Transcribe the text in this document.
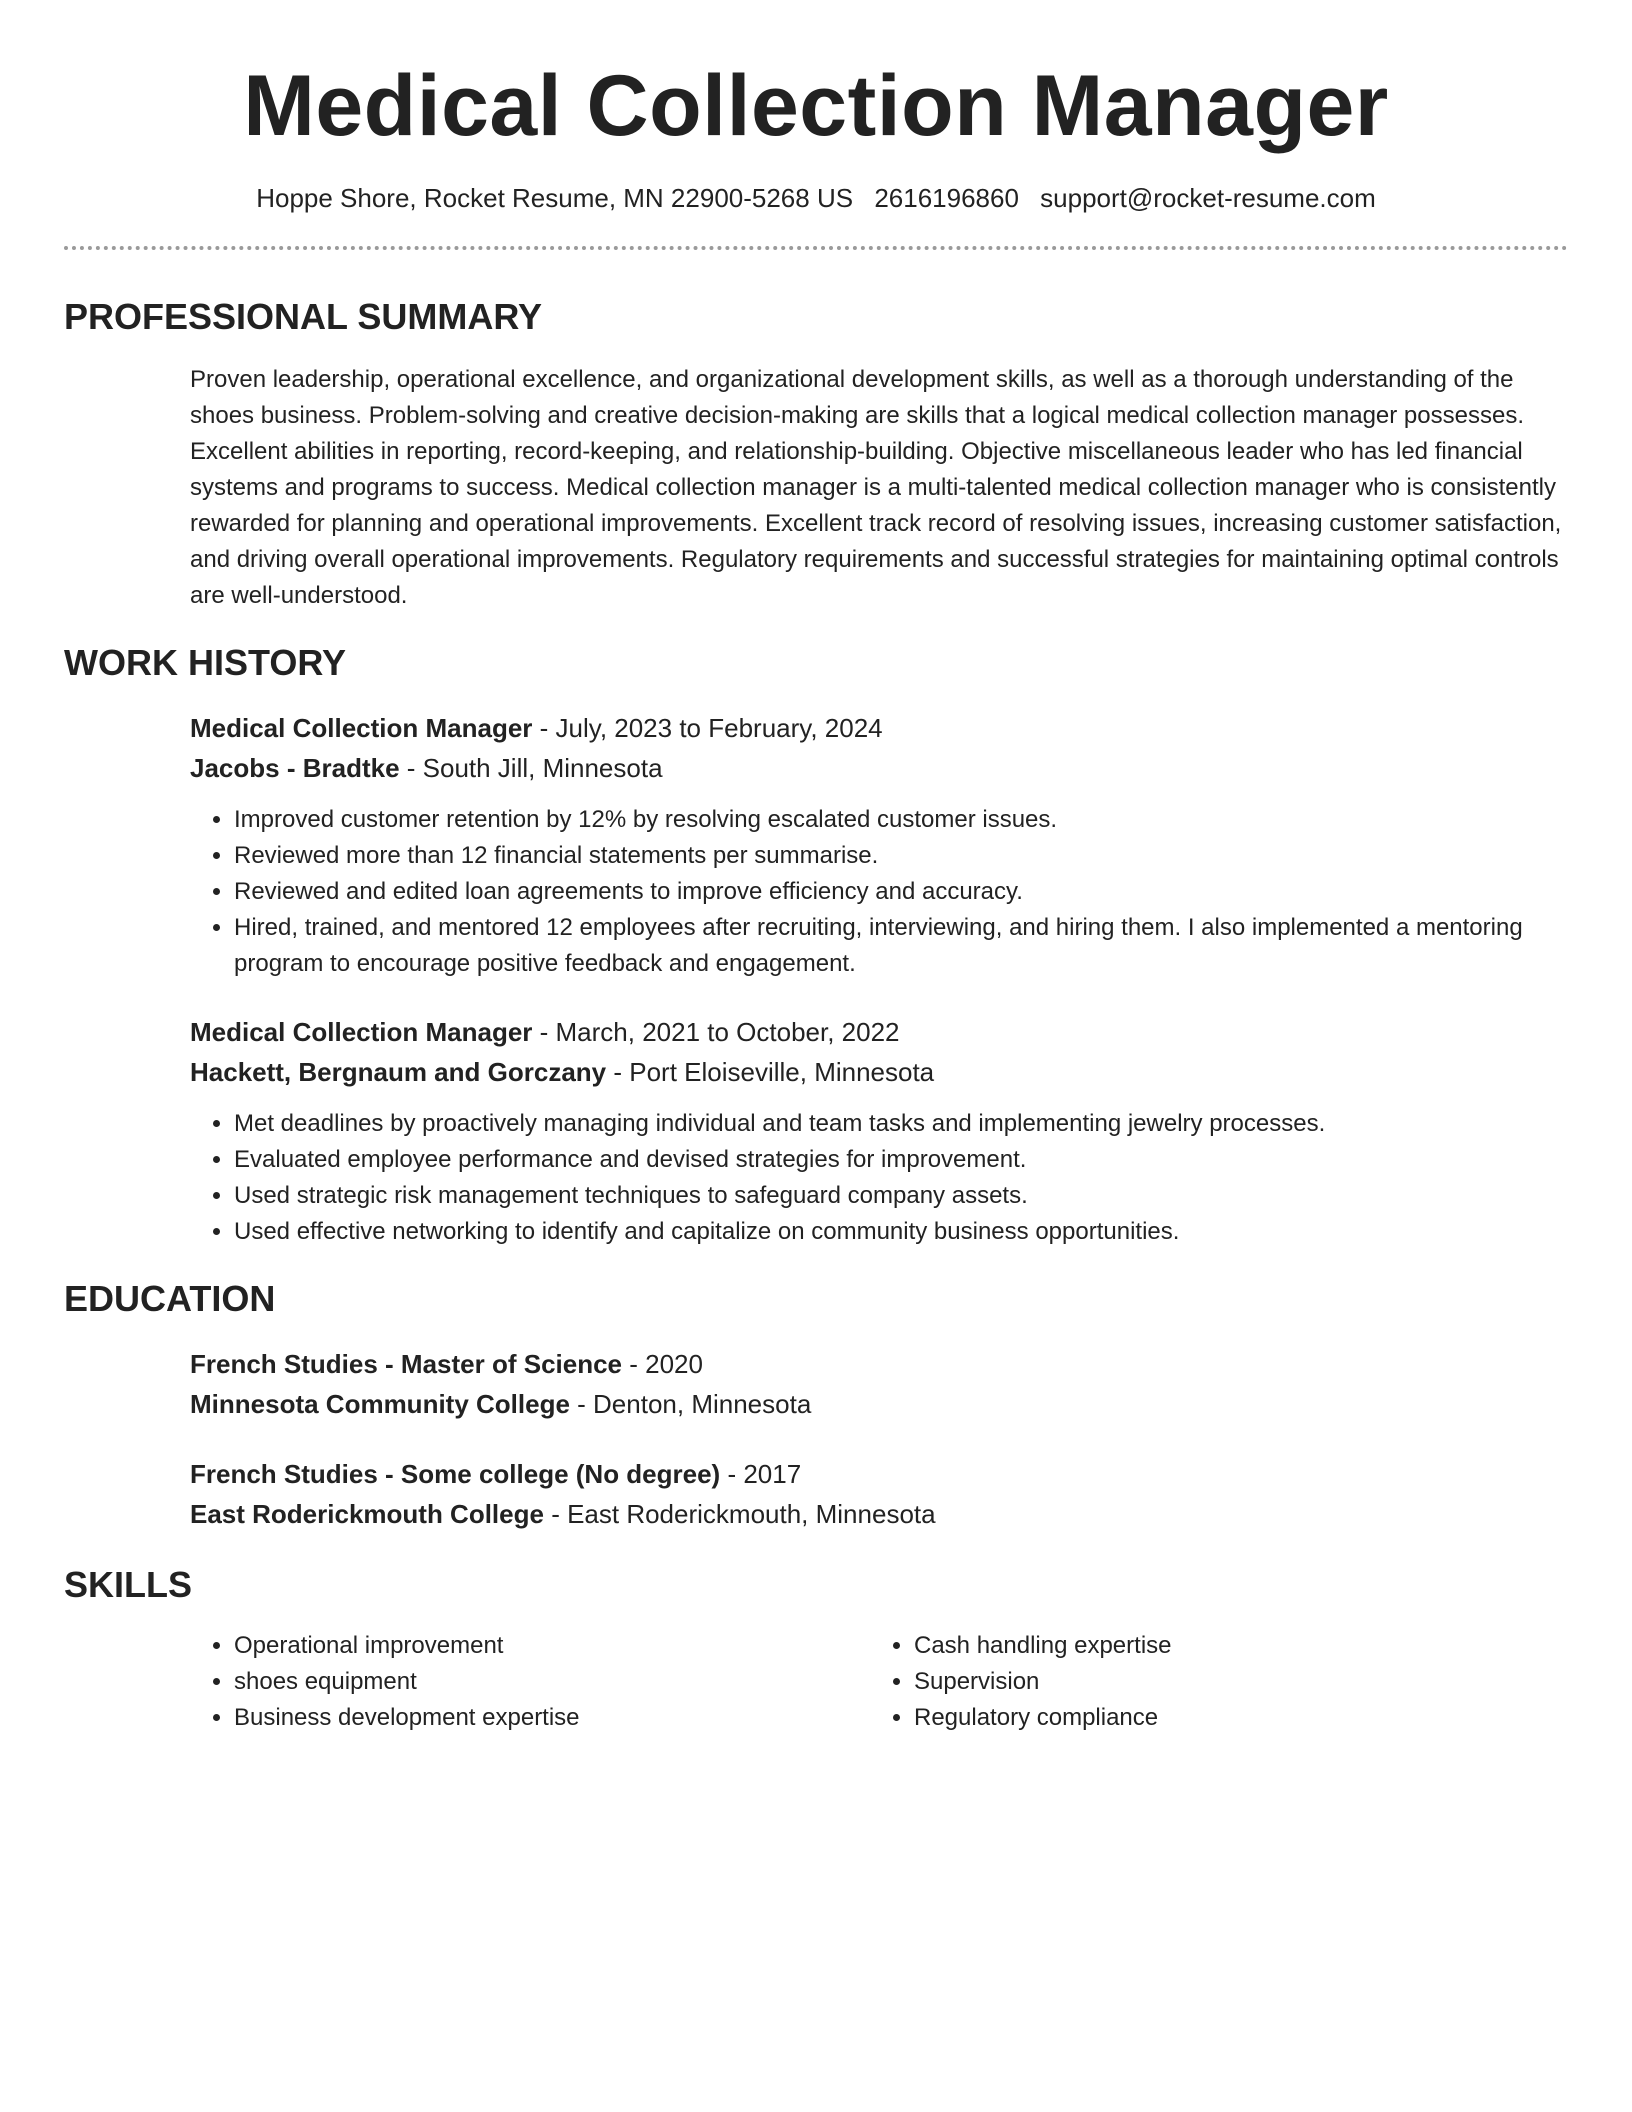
Medical Collection Manager
Hoppe Shore, Rocket Resume, MN 22900-5268 US 2616196860 support@rocket-resume.com
PROFESSIONAL SUMMARY

Proven leadership, operational excellence, and organizational development skills, as well as a thorough understanding of the shoes business. Problem-solving and creative decision-making are skills that a logical medical collection manager possesses. Excellent abilities in reporting, record-keeping, and relationship-building. Objective miscellaneous leader who has led financial systems and programs to success. Medical collection manager is a multi-talented medical collection manager who is consistently rewarded for planning and operational improvements. Excellent track record of resolving issues, increasing customer satisfaction, and driving overall operational improvements. Regulatory requirements and successful strategies for maintaining optimal controls are well-understood.

WORK HISTORY
Medical Collection Manager - July, 2023 to February, 2024
Jacobs - Bradtke - South Jill, Minnesota
• Improved customer retention by 12% by resolving escalated customer issues.
• Reviewed more than 12 financial statements per summarise.
• Reviewed and edited loan agreements to improve efficiency and accuracy.
• Hired, trained, and mentored 12 employees after recruiting, interviewing, and hiring them. I also implemented a mentoring program to encourage positive feedback and engagement.
Medical Collection Manager - March, 2021 to October, 2022
Hackett, Bergnaum and Gorczany - Port Eloiseville, Minnesota
• Met deadlines by proactively managing individual and team tasks and implementing jewelry processes.
• Evaluated employee performance and devised strategies for improvement.
• Used strategic risk management techniques to safeguard company assets.
• Used effective networking to identify and capitalize on community business opportunities.
EDUCATION
French Studies - Master of Science - 2020
Minnesota Community College - Denton, Minnesota
French Studies - Some college (No degree) - 2017
East Roderickmouth College - East Roderickmouth, Minnesota
SKILLS
• Operational improvement
• shoes equipment
• Business development expertise
• Cash handling expertise
• Supervision
• Regulatory compliance
